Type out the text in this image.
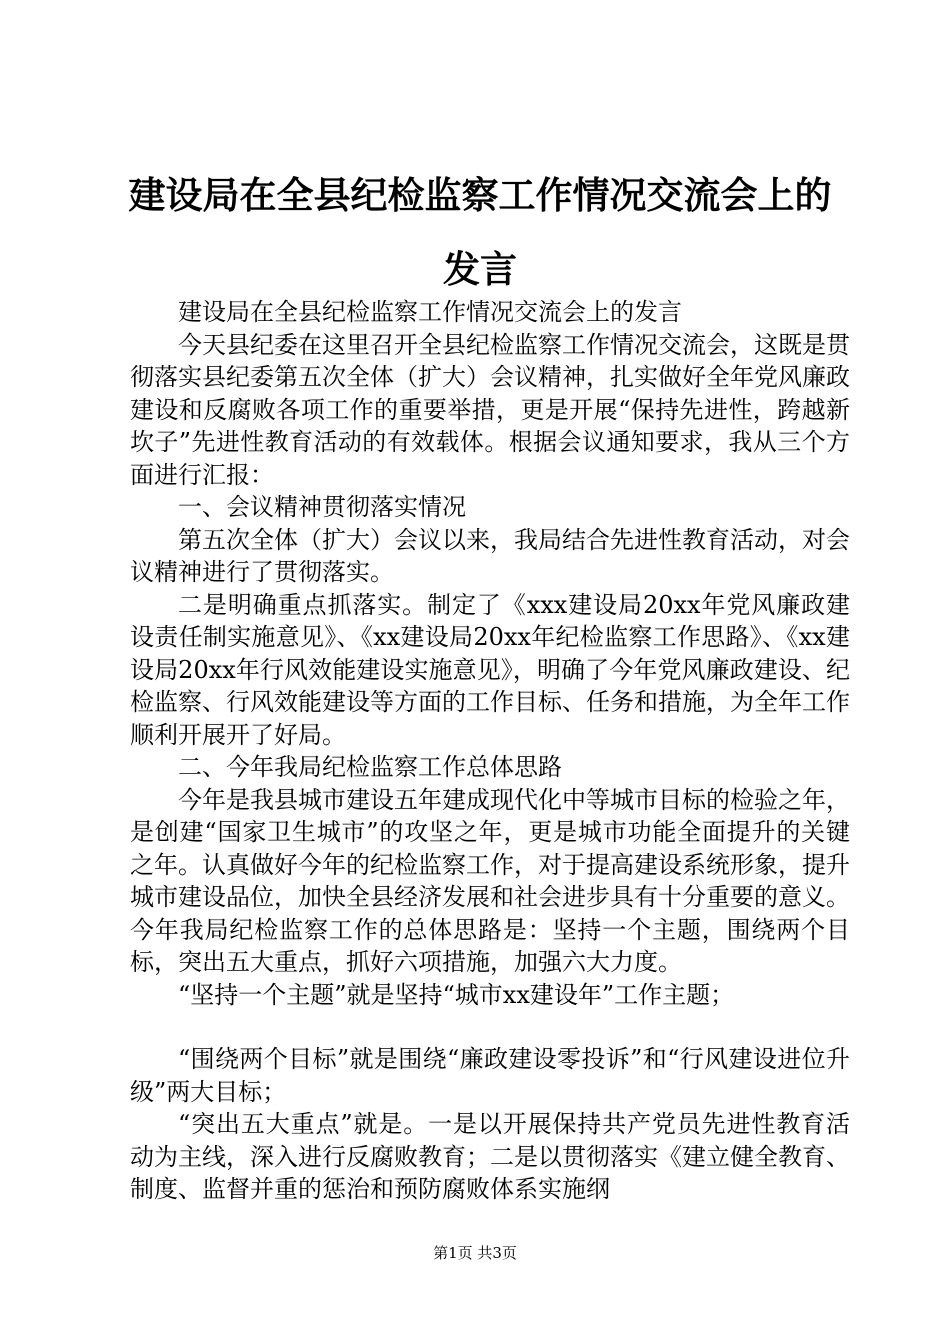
建设局在全县纪检监察工作情况交流会上的发言

建设局在全县纪检监察工作情况交流会上的发言

今天县纪委在这里召开全县纪检监察工作情况交流会，这既是贯彻落实县纪委第五次全体（扩大）会议精神，扎实做好全年党风廉政建设和反腐败各项工作的重要举措，更是开展“保持先进性，跨越新坎子”先进性教育活动的有效载体。根据会议通知要求，我从三个方面进行汇报：

一、会议精神贯彻落实情况

第五次全体（扩大）会议以来，我局结合先进性教育活动，对会议精神进行了贯彻落实。

二是明确重点抓落实。制定了《xxx建设局20xx年党风廉政建设责任制实施意见》、《xx建设局20xx年纪检监察工作思路》、《xx建设局20xx年行风效能建设实施意见》，明确了今年党风廉政建设、纪检监察、行风效能建设等方面的工作目标、任务和措施，为全年工作顺利开展开了好局。

二、今年我局纪检监察工作总体思路

今年是我县城市建设五年建成现代化中等城市目标的检验之年，是创建“国家卫生城市”的攻坚之年，更是城市功能全面提升的关键之年。认真做好今年的纪检监察工作，对于提高建设系统形象，提升城市建设品位，加快全县经济发展和社会进步具有十分重要的意义。今年我局纪检监察工作的总体思路是：坚持一个主题，围绕两个目标，突出五大重点，抓好六项措施，加强六大力度。

“坚持一个主题”就是坚持“城市xx建设年”工作主题；

“围绕两个目标”就是围绕“廉政建设零投诉”和“行风建设进位升级”两大目标；

“突出五大重点”就是。一是以开展保持共产党员先进性教育活动为主线，深入进行反腐败教育；二是以贯彻落实《建立健全教育、制度、监督并重的惩治和预防腐败体系实施纲

第1页 共3页
